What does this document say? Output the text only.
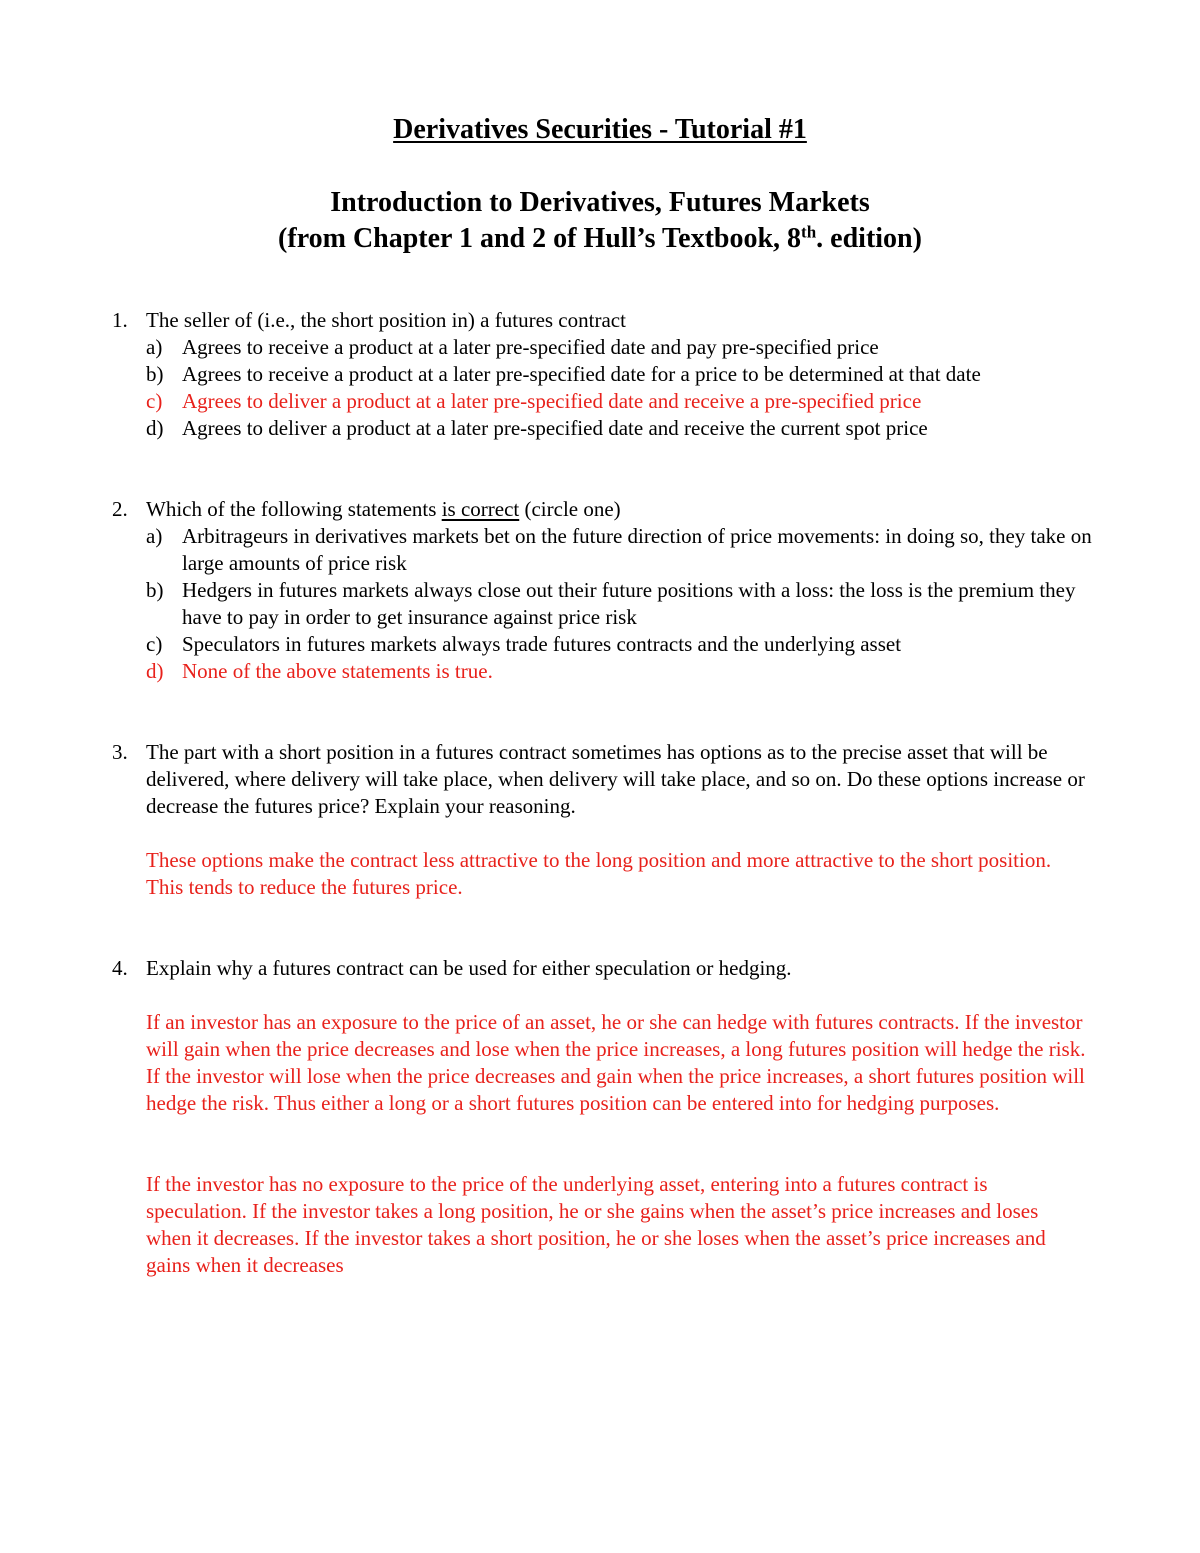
Derivatives Securities - Tutorial #1
Introduction to Derivatives, Futures Markets
(from Chapter 1 and 2 of Hull’s Textbook, 8th. edition)
1. The seller of (i.e., the short position in) a futures contract
a) Agrees to receive a product at a later pre-specified date and pay pre-specified price
b) Agrees to receive a product at a later pre-specified date for a price to be determined at that date
c) Agrees to deliver a product at a later pre-specified date and receive a pre-specified price
d) Agrees to deliver a product at a later pre-specified date and receive the current spot price
2. Which of the following statements is correct (circle one)
a) Arbitrageurs in derivatives markets bet on the future direction of price movements: in doing so, they take on large amounts of price risk
b) Hedgers in futures markets always close out their future positions with a loss: the loss is the premium they have to pay in order to get insurance against price risk
c) Speculators in futures markets always trade futures contracts and the underlying asset
d) None of the above statements is true.
3. The part with a short position in a futures contract sometimes has options as to the precise asset that will be delivered, where delivery will take place, when delivery will take place, and so on. Do these options increase or decrease the futures price? Explain your reasoning.
These options make the contract less attractive to the long position and more attractive to the short position. This tends to reduce the futures price.
4. Explain why a futures contract can be used for either speculation or hedging.
If an investor has an exposure to the price of an asset, he or she can hedge with futures contracts. If the investor will gain when the price decreases and lose when the price increases, a long futures position will hedge the risk. If the investor will lose when the price decreases and gain when the price increases, a short futures position will hedge the risk. Thus either a long or a short futures position can be entered into for hedging purposes.
If the investor has no exposure to the price of the underlying asset, entering into a futures contract is speculation. If the investor takes a long position, he or she gains when the asset’s price increases and loses when it decreases. If the investor takes a short position, he or she loses when the asset’s price increases and gains when it decreases
